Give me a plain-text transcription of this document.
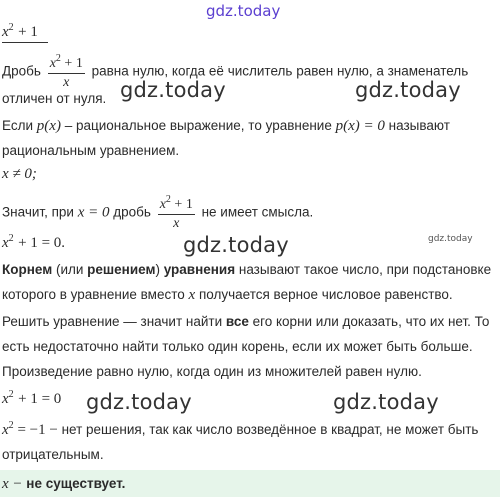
gdz.today
$x^2 + 1$
Дробь $\frac{x^2 + 1}{x}$ равна нулю, когда её числитель равен нулю, а знаменатель
отличен от нуля. gdz.today	gdz.today
Если p(x) – рациональное выражение, то уравнение p(x) = 0 называют
рациональным уравнением.
x ≠ 0;
Значит, при x = 0 дробь $\frac{x^2 + 1}{x}$ не имеет смысла.
$x^2 + 1 = 0$.	gdz.today	gdz.today
Корнем (или решением) уравнения называют такое число, при подстановке
которого в уравнение вместо x получается верное числовое равенство.
Решить уравнение — значит найти все его корни или доказать, что их нет. То
есть недостаточно найти только один корень, если их может быть больше.
Произведение равно нулю, когда один из множителей равен нулю.
$x^2 + 1 = 0$ gdz.today	gdz.today
$x^2 = -1$ − нет решения, так как число возведённое в квадрат, не может быть
отрицательным.
x − не существует.
